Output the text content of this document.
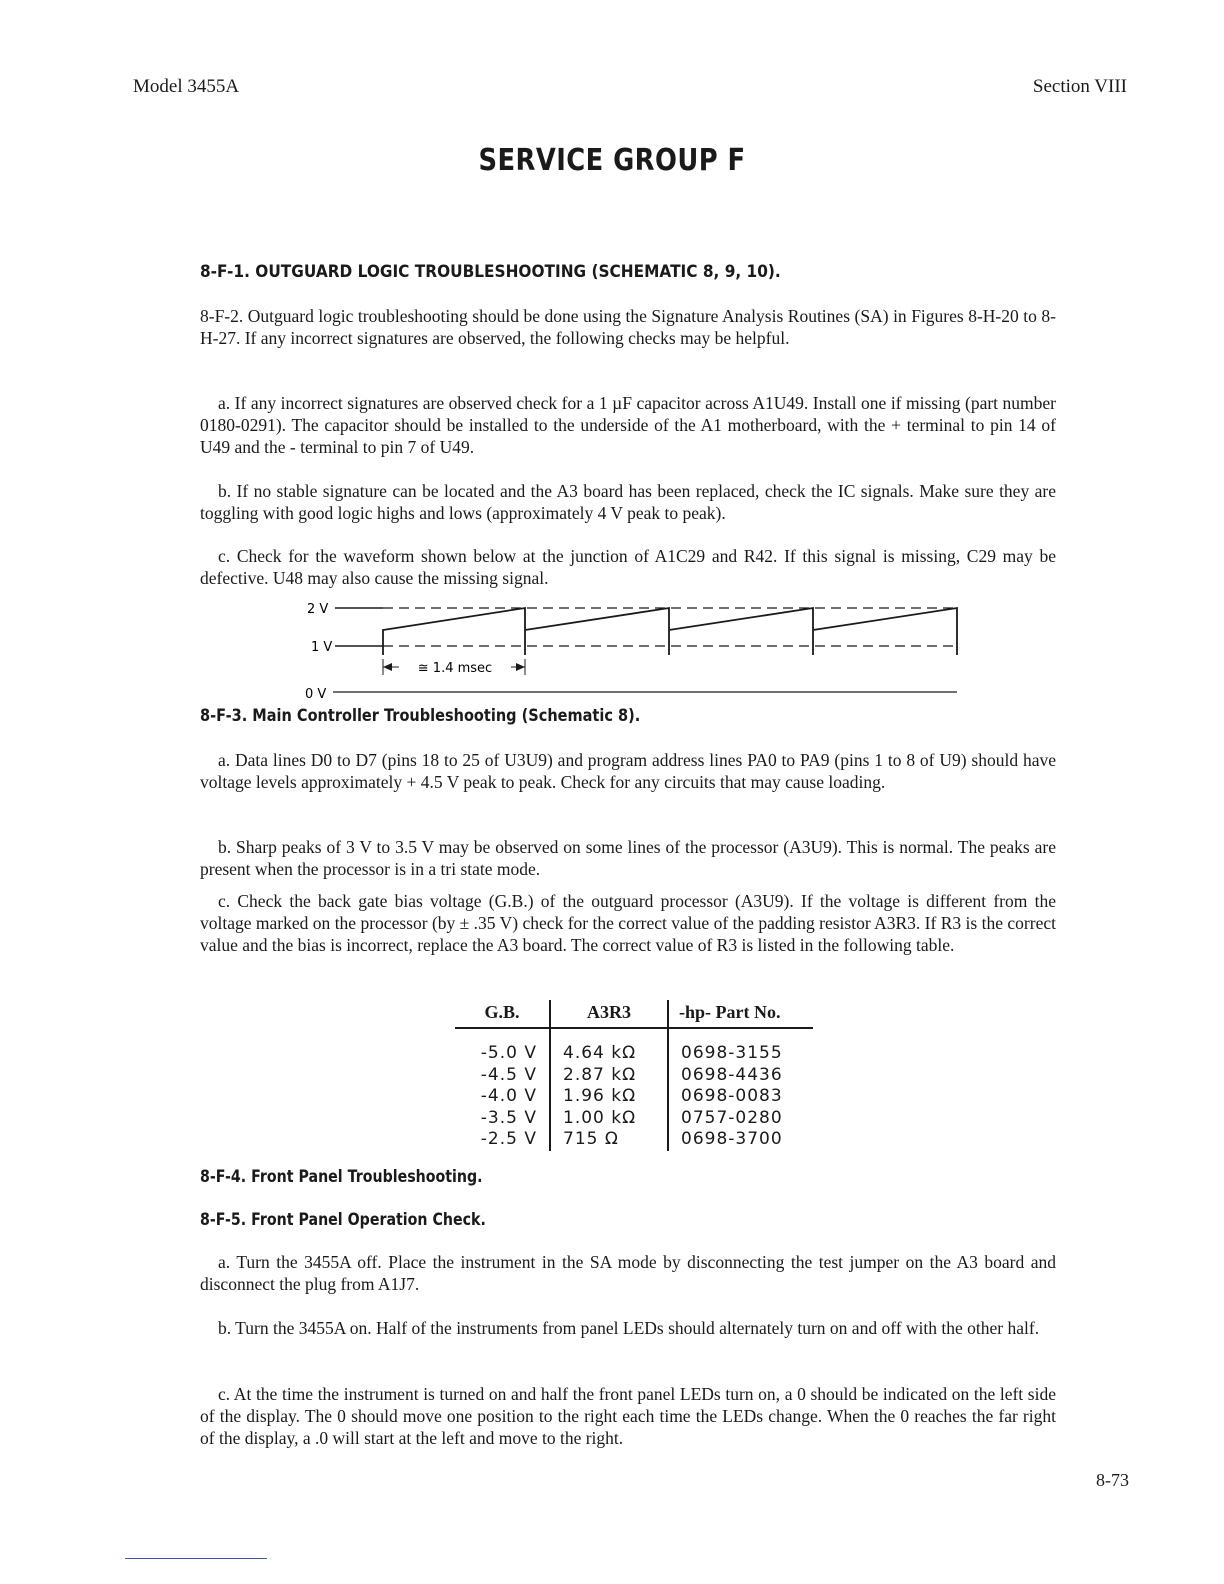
Model 3455A	Section VIII
SERVICE GROUP F
8-F-1. OUTGUARD LOGIC TROUBLESHOOTING (SCHEMATIC 8, 9, 10).

8-F-2. Outguard logic troubleshooting should be done using the Signature Analysis Routines (SA) in Figures 8-H-20 to 8-H-27. If any incorrect signatures are observed, the following checks may be helpful.

a. If any incorrect signatures are observed check for a 1 µF capacitor across A1U49. Install one if missing (part number 0180-0291). The capacitor should be installed to the underside of the A1 motherboard, with the + terminal to pin 14 of U49 and the - terminal to pin 7 of U49.

b. If no stable signature can be located and the A3 board has been replaced, check the IC signals. Make sure they are toggling with good logic highs and lows (approximately 4 V peak to peak).

c. Check for the waveform shown below at the junction of A1C29 and R42. If this signal is missing, C29 may be defective. U48 may also cause the missing signal.

2 V
1 V
0 V
≅ 1.4 msec
8-F-3. Main Controller Troubleshooting (Schematic 8).

a. Data lines D0 to D7 (pins 18 to 25 of U3U9) and program address lines PA0 to PA9 (pins 1 to 8 of U9) should have voltage levels approximately + 4.5 V peak to peak. Check for any circuits that may cause loading.

b. Sharp peaks of 3 V to 3.5 V may be observed on some lines of the processor (A3U9). This is normal. The peaks are present when the processor is in a tri state mode.

c. Check the back gate bias voltage (G.B.) of the outguard processor (A3U9). If the voltage is different from the voltage marked on the processor (by ± .35 V) check for the correct value of the padding resistor A3R3. If R3 is the correct value and the bias is incorrect, replace the A3 board. The correct value of R3 is listed in the following table.

G.B.	A3R3	-hp- Part No.

-5.0 V	4.64 kΩ	0698-3155
-4.5 V	2.87 kΩ	0698-4436
-4.0 V	1.96 kΩ	0698-0083
-3.5 V	1.00 kΩ	0757-0280
-2.5 V	715 Ω	0698-3700
8-F-4. Front Panel Troubleshooting.
8-F-5. Front Panel Operation Check.

a. Turn the 3455A off. Place the instrument in the SA mode by disconnecting the test jumper on the A3 board and disconnect the plug from A1J7.

b. Turn the 3455A on. Half of the instruments from panel LEDs should alternately turn on and off with the other half.

c. At the time the instrument is turned on and half the front panel LEDs turn on, a 0 should be indicated on the left side of the display. The 0 should move one position to the right each time the LEDs change. When the 0 reaches the far right of the display, a .0 will start at the left and move to the right.

8-73
